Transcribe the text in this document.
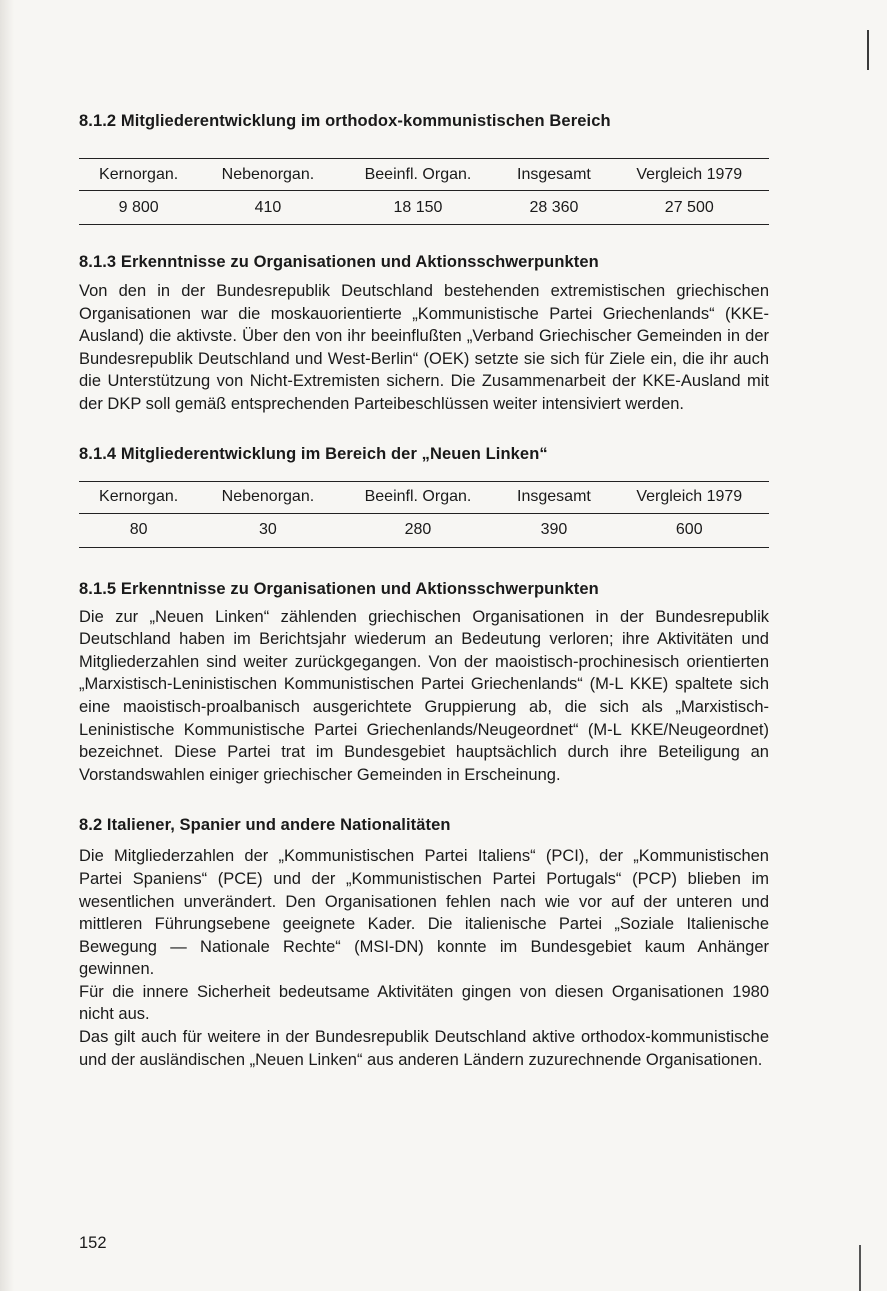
8.1.2 Mitgliederentwicklung im orthodox-kommunistischen Bereich
Kernorgan.	Nebenorgan.	Beeinfl. Organ.	Insgesamt	Vergleich 1979
9 800	410	18 150	28 360	27 500
8.1.3 Erkenntnisse zu Organisationen und Aktionsschwerpunkten

Von den in der Bundesrepublik Deutschland bestehenden extremistischen griechischen Organisationen war die moskauorientierte „Kommunistische Partei Griechenlands“ (KKE-Ausland) die aktivste. Über den von ihr beeinflußten „Verband Griechischer Gemeinden in der Bundesrepublik Deutschland und West-Berlin“ (OEK) setzte sie sich für Ziele ein, die ihr auch die Unterstützung von Nicht-Extremisten sichern. Die Zusammenarbeit der KKE-Ausland mit der DKP soll gemäß entsprechenden Parteibeschlüssen weiter intensiviert werden.

8.1.4 Mitgliederentwicklung im Bereich der „Neuen Linken“
Kernorgan.	Nebenorgan.	Beeinfl. Organ.	Insgesamt	Vergleich 1979
80	30	280	390	600
8.1.5 Erkenntnisse zu Organisationen und Aktionsschwerpunkten

Die zur „Neuen Linken“ zählenden griechischen Organisationen in der Bundesrepublik Deutschland haben im Berichtsjahr wiederum an Bedeutung verloren; ihre Aktivitäten und Mitgliederzahlen sind weiter zurückgegangen. Von der maoistisch-prochinesisch orientierten „Marxistisch-Leninistischen Kommunistischen Partei Griechenlands“ (M-L KKE) spaltete sich eine maoistisch-proalbanisch ausgerichtete Gruppierung ab, die sich als „Marxistisch-Leninistische Kommunistische Partei Griechenlands/Neugeordnet“ (M-L KKE/Neugeordnet) bezeichnet. Diese Partei trat im Bundesgebiet hauptsächlich durch ihre Beteiligung an Vorstandswahlen einiger griechischer Gemeinden in Erscheinung.

8.2 Italiener, Spanier und andere Nationalitäten

Die Mitgliederzahlen der „Kommunistischen Partei Italiens“ (PCI), der „Kommunistischen Partei Spaniens“ (PCE) und der „Kommunistischen Partei Portugals“ (PCP) blieben im wesentlichen unverändert. Den Organisationen fehlen nach wie vor auf der unteren und mittleren Führungsebene geeignete Kader. Die italienische Partei „Soziale Italienische Bewegung — Nationale Rechte“ (MSI-DN) konnte im Bundesgebiet kaum Anhänger gewinnen.

Für die innere Sicherheit bedeutsame Aktivitäten gingen von diesen Organisationen 1980 nicht aus.

Das gilt auch für weitere in der Bundesrepublik Deutschland aktive orthodox-kommunistische und der ausländischen „Neuen Linken“ aus anderen Ländern zuzurechnende Organisationen.

152
